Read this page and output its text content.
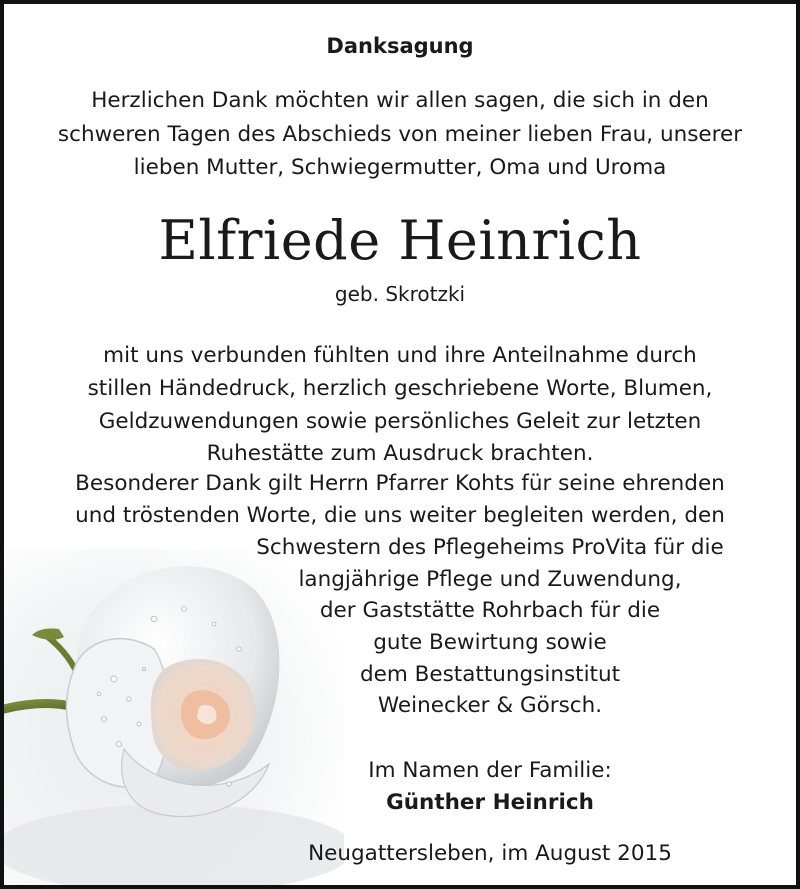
Danksagung
Herzlichen Dank möchten wir allen sagen, die sich in den
schweren Tagen des Abschieds von meiner lieben Frau, unserer
lieben Mutter, Schwiegermutter, Oma und Uroma
Elfriede Heinrich
geb. Skrotzki
mit uns verbunden fühlten und ihre Anteilnahme durch
stillen Händedruck, herzlich geschriebene Worte, Blumen,
Geldzuwendungen sowie persönliches Geleit zur letzten
Ruhestätte zum Ausdruck brachten.
Besonderer Dank gilt Herrn Pfarrer Kohts für seine ehrenden
und tröstenden Worte, die uns weiter begleiten werden, den
Schwestern des Pflegeheims ProVita für die
langjährige Pflege und Zuwendung,
der Gaststätte Rohrbach für die
gute Bewirtung sowie
dem Bestattungsinstitut
Weinecker & Görsch.
Im Namen der Familie:
Günther Heinrich
Neugattersleben, im August 2015
